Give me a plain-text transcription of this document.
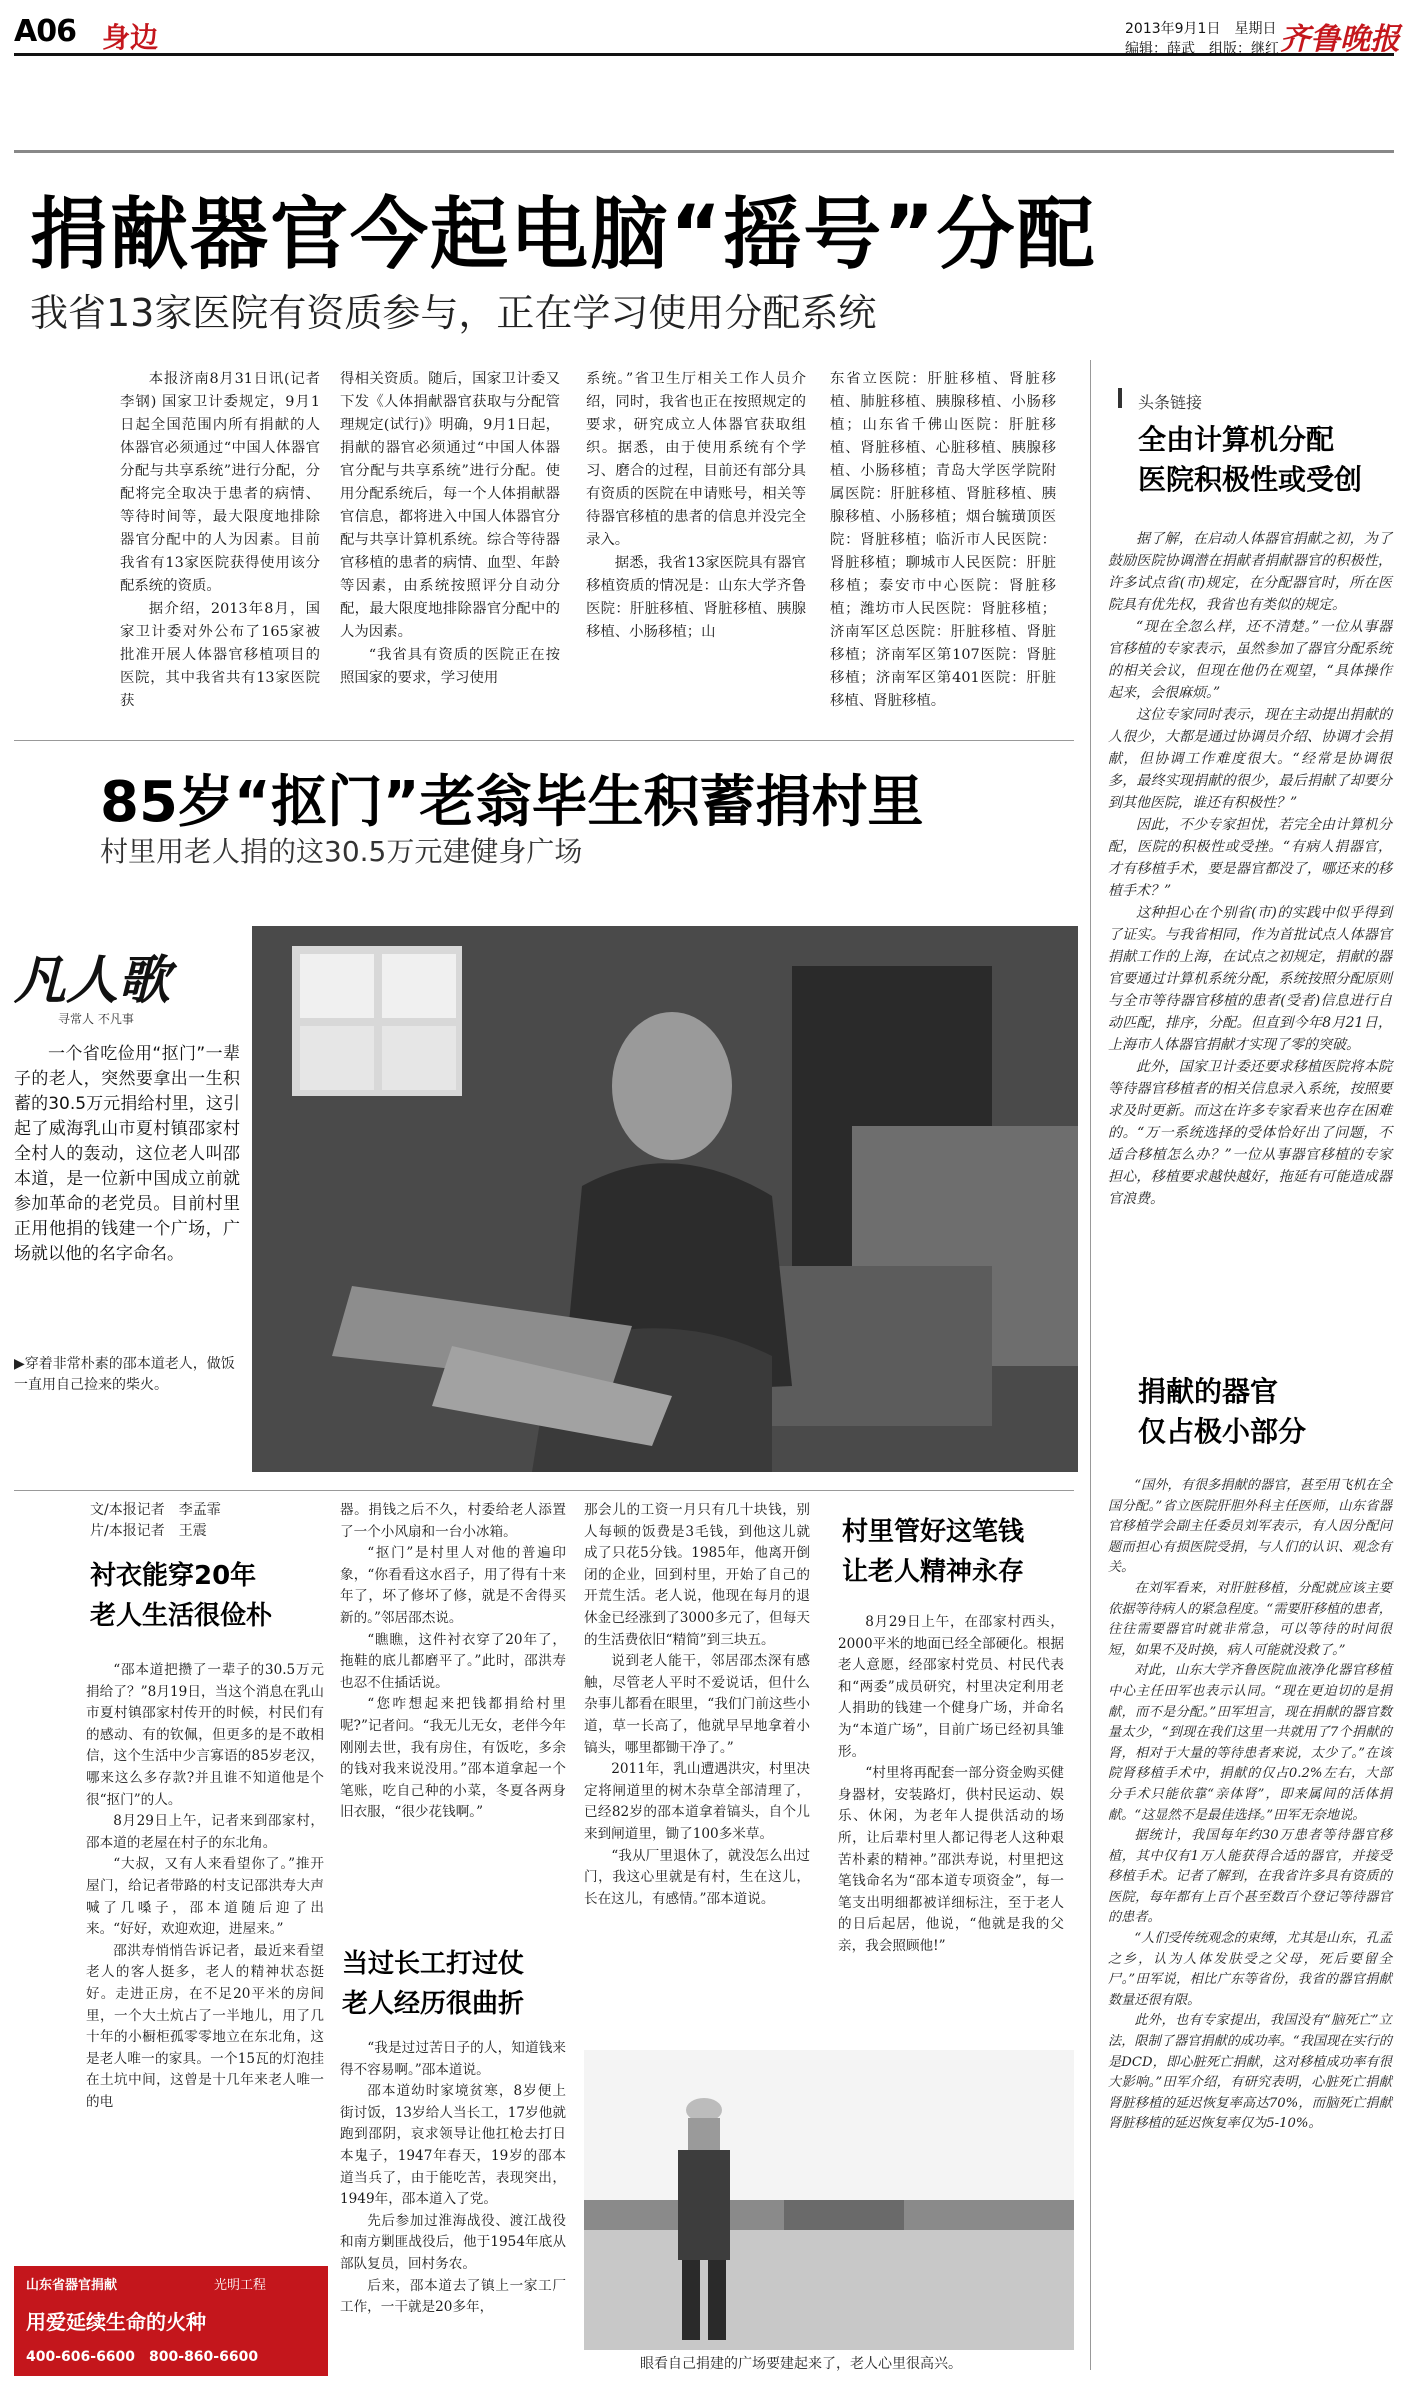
A06 身边	2013年9月1日　星期日
编辑：薛武　组版：继红 齐鲁晚报
捐献器官今起电脑“摇号”分配
我省13家医院有资质参与，正在学习使用分配系统

本报济南8月31日讯(记者 李钢) 国家卫计委规定，9月1日起全国范围内所有捐献的人体器官必须通过“中国人体器官分配与共享系统”进行分配，分配将完全取决于患者的病情、等待时间等，最大限度地排除器官分配中的人为因素。目前我省有13家医院获得使用该分配系统的资质。

据介绍，2013年8月，国家卫计委对外公布了165家被批准开展人体器官移植项目的医院，其中我省共有13家医院获

得相关资质。随后，国家卫计委又下发《人体捐献器官获取与分配管理规定(试行)》明确，9月1日起，捐献的器官必须通过“中国人体器官分配与共享系统”进行分配。使用分配系统后，每一个人体捐献器官信息，都将进入中国人体器官分配与共享计算机系统。综合等待器官移植的患者的病情、血型、年龄等因素，由系统按照评分自动分配，最大限度地排除器官分配中的人为因素。

“我省具有资质的医院正在按照国家的要求，学习使用

系统。”省卫生厅相关工作人员介绍，同时，我省也正在按照规定的要求，研究成立人体器官获取组织。据悉，由于使用系统有个学习、磨合的过程，目前还有部分具有资质的医院在申请账号，相关等待器官移植的患者的信息并没完全录入。

据悉，我省13家医院具有器官移植资质的情况是：山东大学齐鲁医院：肝脏移植、肾脏移植、胰腺移植、小肠移植；山

东省立医院：肝脏移植、肾脏移植、肺脏移植、胰腺移植、小肠移植；山东省千佛山医院：肝脏移植、肾脏移植、心脏移植、胰腺移植、小肠移植；青岛大学医学院附属医院：肝脏移植、肾脏移植、胰腺移植、小肠移植；烟台毓璜顶医院：肾脏移植；临沂市人民医院：肾脏移植；聊城市人民医院：肝脏移植；泰安市中心医院：肾脏移植；潍坊市人民医院：肾脏移植；济南军区总医院：肝脏移植、肾脏移植；济南军区第107医院：肾脏移植；济南军区第401医院：肝脏移植、肾脏移植。

头条链接
全由计算机分配
医院积极性或受创

据了解，在启动人体器官捐献之初，为了鼓励医院协调潜在捐献者捐献器官的积极性，许多试点省(市)规定，在分配器官时，所在医院具有优先权，我省也有类似的规定。

“现在全忽么样，还不清楚。”一位从事器官移植的专家表示，虽然参加了器官分配系统的相关会议，但现在他仍在观望，“具体操作起来，会很麻烦。”

这位专家同时表示，现在主动提出捐献的人很少，大都是通过协调员介绍、协调才会捐献，但协调工作难度很大。“经常是协调很多，最终实现捐献的很少，最后捐献了却要分到其他医院，谁还有积极性？”

因此，不少专家担忧，若完全由计算机分配，医院的积极性或受挫。“有病人捐器官，才有移植手术，要是器官都没了，哪还来的移植手术？”

这种担心在个别省(市)的实践中似乎得到了证实。与我省相同，作为首批试点人体器官捐献工作的上海，在试点之初规定，捐献的器官要通过计算机系统分配，系统按照分配原则与全市等待器官移植的患者(受者)信息进行自动匹配，排序，分配。但直到今年8月21日，上海市人体器官捐献才实现了零的突破。

此外，国家卫计委还要求移植医院将本院等待器官移植者的相关信息录入系统，按照要求及时更新。而这在许多专家看来也存在困难的。“万一系统选择的受体恰好出了问题，不适合移植怎么办？”一位从事器官移植的专家担心，移植要求越快越好，拖延有可能造成器官浪费。

捐献的器官
仅占极小部分

“国外，有很多捐献的器官，甚至用飞机在全国分配。”省立医院肝胆外科主任医师，山东省器官移植学会副主任委员刘军表示，有人因分配问题而担心有损医院受捐，与人们的认识、观念有关。

在刘军看来，对肝脏移植，分配就应该主要依据等待病人的紧急程度。“需要肝移植的患者，往往需要器官时就非常急，可以等待的时间很短，如果不及时换，病人可能就没救了。”

对此，山东大学齐鲁医院血液净化器官移植中心主任田军也表示认同。“现在更迫切的是捐献，而不是分配。”田军坦言，现在捐献的器官数量太少，“到现在我们这里一共就用了7个捐献的肾，相对于大量的等待患者来说，太少了。”在该院肾移植手术中，捐献的仅占0.2%左右，大部分手术只能依靠“亲体肾”，即来属间的活体捐献。“这显然不是最佳选择。”田军无奈地说。

据统计，我国每年约30万患者等待器官移植，其中仅有1万人能获得合适的器官，并接受移植手术。记者了解到，在我省许多具有资质的医院，每年都有上百个甚至数百个登记等待器官的患者。

“人们受传统观念的束缚，尤其是山东，孔孟之乡，认为人体发肤受之父母，死后要留全尸。”田军说，相比广东等省份，我省的器官捐献数量还很有限。

此外，也有专家提出，我国没有“脑死亡”立法，限制了器官捐献的成功率。“我国现在实行的是DCD，即心脏死亡捐献，这对移植成功率有很大影响。”田军介绍，有研究表明，心脏死亡捐献肾脏移植的延迟恢复率高达70%，而脑死亡捐献肾脏移植的延迟恢复率仅为5-10%。

85岁“抠门”老翁毕生积蓄捐村里
村里用老人捐的这30.5万元建健身广场
凡人歌
寻常人 不凡事

一个省吃俭用“抠门”一辈子的老人，突然要拿出一生积蓄的30.5万元捐给村里，这引起了威海乳山市夏村镇邵家村全村人的轰动，这位老人叫邵本道，是一位新中国成立前就参加革命的老党员。目前村里正用他捐的钱建一个广场，广场就以他的名字命名。

▶穿着非常朴素的邵本道老人，做饭一直用自己捡来的柴火。
文/本报记者　李孟霏
片/本报记者　王震
衬衣能穿20年
老人生活很俭朴

“邵本道把攒了一辈子的30.5万元捐给了？”8月19日，当这个消息在乳山市夏村镇邵家村传开的时候，村民们有的感动、有的钦佩，但更多的是不敢相信，这个生活中少言寡语的85岁老汉，哪来这么多存款?并且谁不知道他是个很“抠门”的人。

8月29日上午，记者来到邵家村，邵本道的老屋在村子的东北角。

“大叔，又有人来看望你了。”推开屋门，给记者带路的村支记邵洪寿大声喊了几嗓子，邵本道随后迎了出来。“好好，欢迎欢迎，进屋来。”

邵洪寿悄悄告诉记者，最近来看望老人的客人挺多，老人的精神状态挺好。走进正房，在不足20平米的房间里，一个大土炕占了一半地儿，用了几十年的小橱柜孤零零地立在东北角，这是老人唯一的家具。一个15瓦的灯泡挂在土坑中间，这曾是十几年来老人唯一的电

器。捐钱之后不久，村委给老人添置了一个小风扇和一台小冰箱。

“抠门”是村里人对他的普遍印象，“你看看这水舀子，用了得有十来年了，坏了修坏了修，就是不舍得买新的。”邻居邵杰说。

“瞧瞧，这件衬衣穿了20年了，拖鞋的底儿都磨平了。”此时，邵洪寿也忍不住插话说。

“您咋想起来把钱都捐给村里呢?”记者问。“我无儿无女，老伴今年刚刚去世，我有房住，有饭吃，多余的钱对我来说没用。”邵本道拿起一个笔账，吃自己种的小菜，冬夏各两身旧衣服，“很少花钱啊。”

当过长工打过仗
老人经历很曲折

“我是过过苦日子的人，知道钱来得不容易啊。”邵本道说。

邵本道幼时家境贫寒，8岁便上街讨饭，13岁给人当长工，17岁他就跑到邵阴，哀求领导让他扛枪去打日本鬼子，1947年春天，19岁的邵本道当兵了，由于能吃苦，表现突出，1949年，邵本道入了党。

先后参加过淮海战役、渡江战役和南方剿匪战役后，他于1954年底从部队复员，回村务农。

后来，邵本道去了镇上一家工厂工作，一干就是20多年，

那会儿的工资一月只有几十块钱，别人每顿的饭费是3毛钱，到他这儿就成了只花5分钱。1985年，他离开倒闭的企业，回到村里，开始了自己的开荒生活。老人说，他现在每月的退休金已经涨到了3000多元了，但每天的生活费依旧“精简”到三块五。

说到老人能干，邻居邵杰深有感触，尽管老人平时不爱说话，但什么杂事儿都看在眼里，“我们门前这些小道，草一长高了，他就早早地拿着小镐头，哪里都锄干净了。”

2011年，乳山遭遇洪灾，村里决定将闸道里的树木杂草全部清理了，已经82岁的邵本道拿着镐头，自个儿来到闸道里，锄了100多米草。

“我从厂里退休了，就没怎么出过门，我这心里就是有村，生在这儿，长在这儿，有感情。”邵本道说。

村里管好这笔钱
让老人精神永存

8月29日上午，在邵家村西头，2000平米的地面已经全部硬化。根据老人意愿，经邵家村党员、村民代表和“两委”成员研究，村里决定利用老人捐助的钱建一个健身广场，并命名为“本道广场”，目前广场已经初具雏形。

“村里将再配套一部分资金购买健身器材，安装路灯，供村民运动、娱乐、休闲，为老年人提供活动的场所，让后辈村里人都记得老人这种艰苦朴素的精神。”邵洪寿说，村里把这笔钱命名为“邵本道专项资金”，每一笔支出明细都被详细标注，至于老人的日后起居，他说，“他就是我的父亲，我会照顾他!”

眼看自己捐建的广场要建起来了，老人心里很高兴。
山东省器官捐献	光明工程
用爱延续生命的火种
400-606-6600　800-860-6600
